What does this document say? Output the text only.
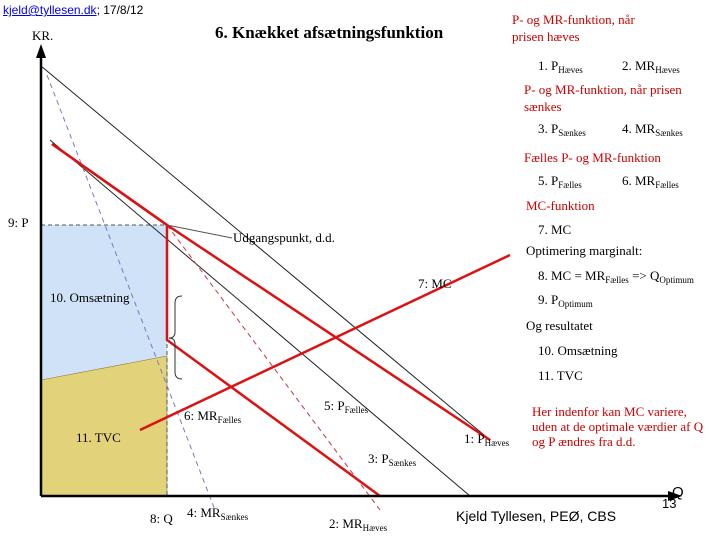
kjeld@tyllesen.dk; 17/8/12
6. Knækket afsætningsfunktion
KR.
Q
9: P
8: Q
P- og MR-funktion, når prisen hæves
1. $P_{Hæves}$	2. $MR_{Hæves}$
P- og MR-funktion, når prisen sænkes
3. $P_{Sænkes}$	4. $MR_{Sænkes}$
Fælles P- og MR-funktion
5. $P_{Fælles}$	6. $MR_{Fælles}$
MC-funktion
7. MC
Optimering marginalt:
8. MC = $MR_{Fælles} => Q_{Optimum}$
9. $P_{Optimum}$
Og resultatet
10. Omsætning
11. TVC
Udgangspunkt, d.d.
10. Omsætning
11. TVC
7: MC
6: $MR_{Fælles}$
5: $P_{Fælles}$
1: $P_{Hæves}$
3: $P_{Sænkes}$
4: $MR_{Sænkes}$	2: $MR_{Hæves}$
Her indenfor kan MC variere, uden at de optimale værdier af Q og P ændres fra d.d.
Kjeld Tyllesen, PEØ, CBS
13
